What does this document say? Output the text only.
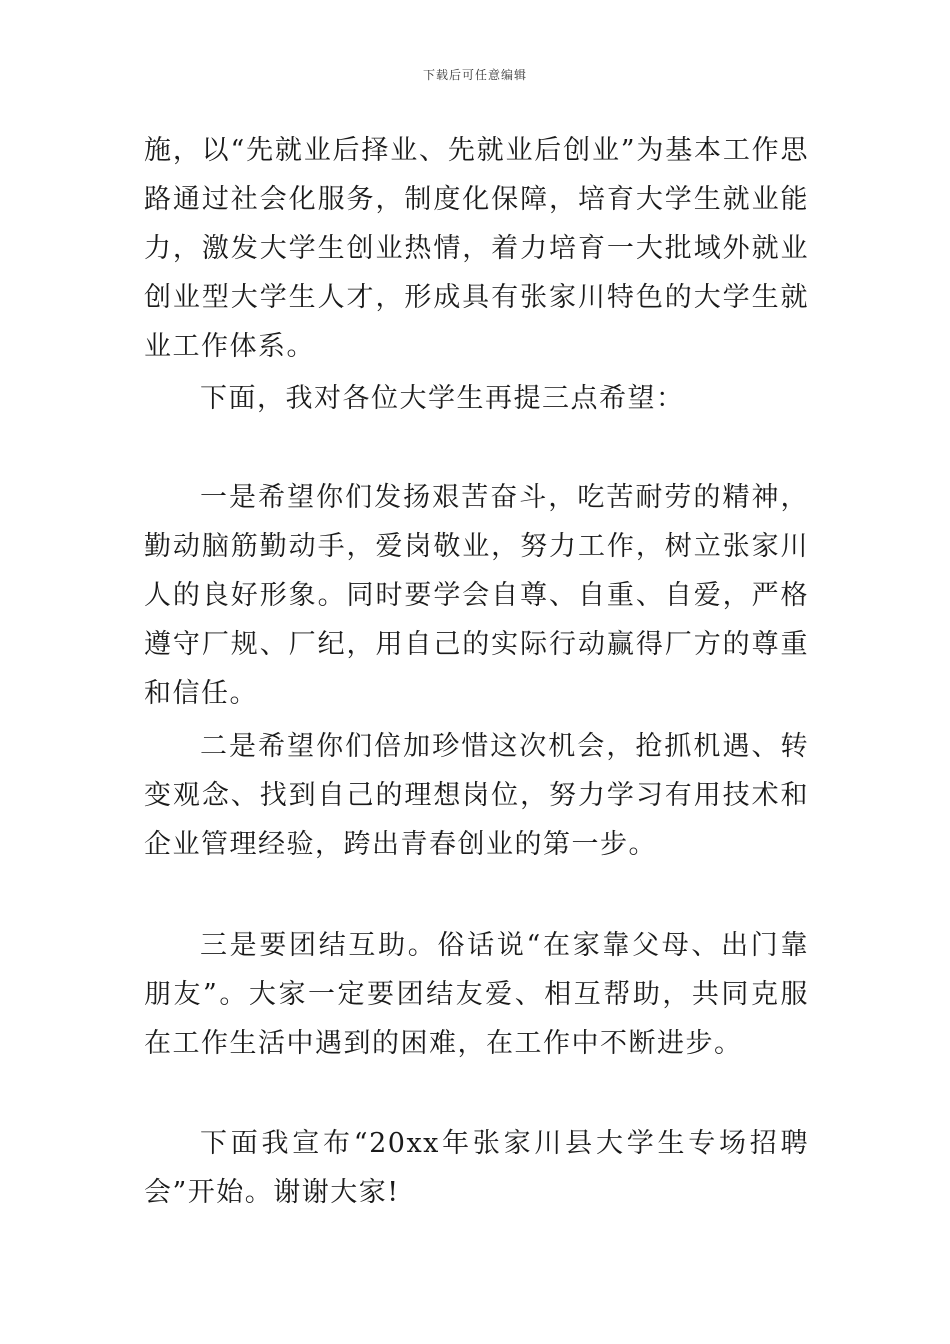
下载后可任意编辑

施，以“先就业后择业、先就业后创业”为基本工作思路通过社会化服务，制度化保障，培育大学生就业能力，激发大学生创业热情，着力培育一大批域外就业创业型大学生人才，形成具有张家川特色的大学生就业工作体系。

下面，我对各位大学生再提三点希望：

一是希望你们发扬艰苦奋斗，吃苦耐劳的精神，勤动脑筋勤动手，爱岗敬业，努力工作，树立张家川人的良好形象。同时要学会自尊、自重、自爱，严格遵守厂规、厂纪，用自己的实际行动赢得厂方的尊重和信任。

二是希望你们倍加珍惜这次机会，抢抓机遇、转变观念、找到自己的理想岗位，努力学习有用技术和企业管理经验，跨出青春创业的第一步。

三是要团结互助。俗话说“在家靠父母、出门靠朋友”。大家一定要团结友爱、相互帮助，共同克服在工作生活中遇到的困难，在工作中不断进步。

下面我宣布“20xx年张家川县大学生专场招聘会”开始。谢谢大家!
